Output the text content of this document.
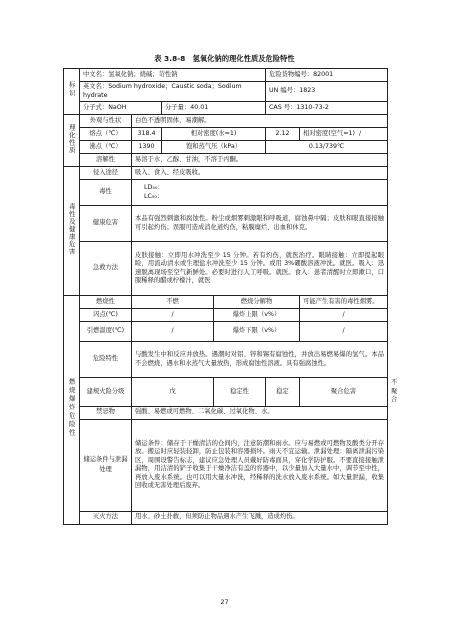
表 3.8-8　氢氧化钠的理化性质及危险特性
标识	中文名：氢氧化钠；烧碱；苛性钠				危险货物编号：82001		
	英文名：Sodium hydroxide；Caustic soda；Sodium hydrate				UN 编号：1823		
	分子式：NaOH		分子量：40.01		CAS 号：1310-73-2		
理化性质	外观与性状	白色不透明固体，易潮解。					
	熔点（℃）	318.4	相对密度(水=1)		2.12	相对密度(空气=1) /	
	沸点（℃）	1390	饱和蒸气压（kPa）		0.13/739℃		
	溶解性	易溶于水、乙醇、甘油，不溶于丙酮。					
毒性及健康危害	侵入途径	吸入、食入、经皮吸收。					
	毒性	LD₅₀：
LC₅₀：					

	健康危害	本品有强烈刺激和腐蚀性。粉尘或烟雾刺激眼和呼吸道，腐蚀鼻中隔；皮肤和眼直接接触可引起灼伤；误服可造成消化道灼伤，粘膜糜烂、出血和休克。					
	急救方法	皮肤接触：立即用水冲洗至少 15 分钟。若有灼伤，就医治疗。眼睛接触：立即提起眼睑，用流动清水或生理盐水冲洗至少 15 分钟。或用 3%硼酸溶液冲洗。就医。吸入：迅速脱离现场至空气新鲜处。必要时进行人工呼吸。就医。食入：患者清醒时立即漱口，口服稀释的醋或柠檬汁，就医					
燃烧爆炸危险性	燃烧性	不燃		燃烧分解物		可能产生有害的毒性烟雾。	
	闪点(℃)	/		爆炸上限（v%）		/	
	引燃温度(℃)	/		爆炸下限（v%）		/	
	危险特性	与酸发生中和反应并放热。遇潮时对铝、锌和锡有腐蚀性，并放出易燃易爆的氢气。本品不会燃烧，遇水和水蒸气大量放热，形成腐蚀性溶液。具有强腐蚀性。					
	建规火险分级	戊		稳定性	稳定	聚合危害	不聚合
	禁忌物	强酸、易燃或可燃物、二氧化碳、过氧化物、水。					
	储运条件与泄漏处理	储运条件：储存于干燥清洁的仓间内，注意防潮和雨水。应与易燃或可燃物及酸类分开存放。搬运时应轻装轻卸，防止包装和容器损坏。雨天不宜运输。泄漏处理：隔离泄漏污染区，周围设警告标志，建议应急处理人员戴好防毒面具，穿化学防护服。不要直接接触泄漏物，用洁清的铲子收集于干燥净洁有盖的容器中，以少量加入大量水中，调节至中性，再放入废水系统。也可以用大量水冲洗，经稀释的洗水放入废水系统。如大量泄漏，收集回收或无害处理后废弃。					
	灭火方法	用水、砂土扑救，但须防止物品遇水产生飞溅，造成灼伤。					
27
